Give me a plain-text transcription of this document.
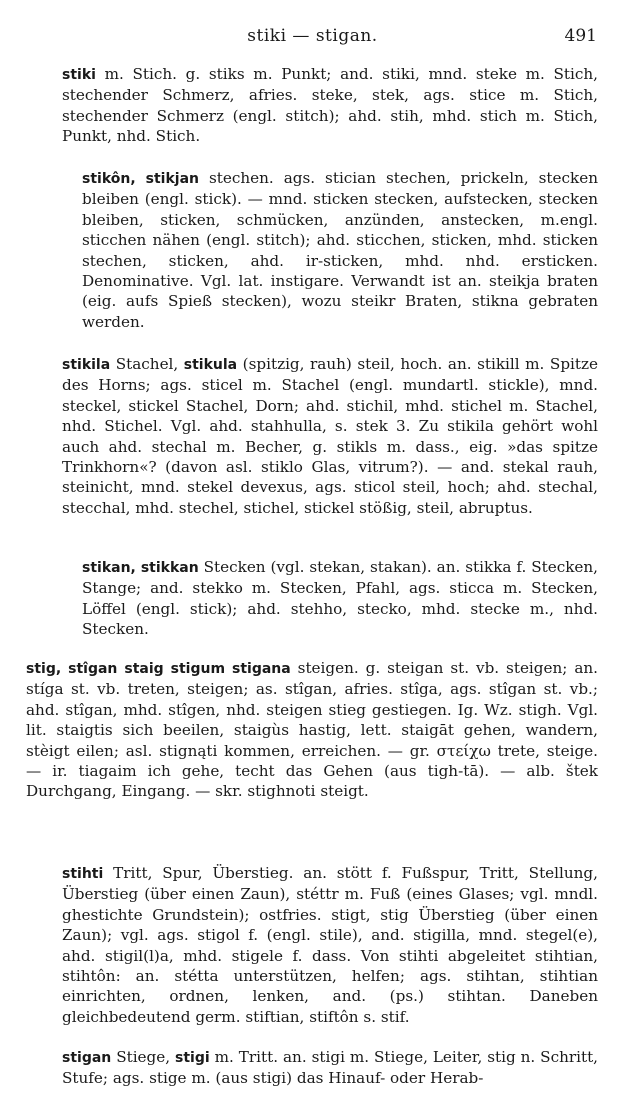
stiki — stigan.	491

stiki m. Stich. g. stiks m. Punkt; and. stiki, mnd. steke m. Stich, stechender Schmerz, afries. steke, stek, ags. stice m. Stich, stechender Schmerz (engl. stitch); ahd. stih, mhd. stich m. Stich, Punkt, nhd. Stich.

stikôn, stikjan stechen. ags. stician stechen, prickeln, stecken bleiben (engl. stick). — mnd. sticken stecken, aufstecken, stecken bleiben, sticken, schmücken, anzünden, anstecken, m.engl. sticchen nähen (engl. stitch); ahd. sticchen, sticken, mhd. sticken stechen, sticken, ahd. ir-sticken, mhd. nhd. ersticken. Denominative. Vgl. lat. instigare. Verwandt ist an. steikja braten (eig. aufs Spieß stecken), wozu steikr Braten, stikna gebraten werden.

stikila Stachel, stikula (spitzig, rauh) steil, hoch. an. stikill m. Spitze des Horns; ags. sticel m. Stachel (engl. mundartl. stickle), mnd. steckel, stickel Stachel, Dorn; ahd. stichil, mhd. stichel m. Stachel, nhd. Stichel. Vgl. ahd. stahhulla, s. stek 3. Zu stikila gehört wohl auch ahd. stechal m. Becher, g. stikls m. dass., eig. »das spitze Trinkhorn«? (davon asl. stiklo Glas, vitrum?). — and. stekal rauh, steinicht, mnd. stekel devexus, ags. sticol steil, hoch; ahd. stechal, stecchal, mhd. stechel, stichel, stickel stößig, steil, abruptus.

stikan, stikkan Stecken (vgl. stekan, stakan). an. stikka f. Stecken, Stange; and. stekko m. Stecken, Pfahl, ags. sticca m. Stecken, Löffel (engl. stick); ahd. stehho, stecko, mhd. stecke m., nhd. Stecken.

stig, stîgan staig stigum stigana steigen. g. steigan st. vb. steigen; an. stíga st. vb. treten, steigen; as. stîgan, afries. stîga, ags. stîgan st. vb.; ahd. stîgan, mhd. stîgen, nhd. steigen stieg gestiegen. Ig. Wz. stigh. Vgl. lit. staigtis sich beeilen, staigùs hastig, lett. staigāt gehen, wandern, stèigt eilen; asl. stignąti kommen, erreichen. — gr. στείχω trete, steige. — ir. tiagaim ich gehe, techt das Gehen (aus tigh-tā). — alb. štek Durchgang, Eingang. — skr. stighnoti steigt.

stihti Tritt, Spur, Überstieg. an. stött f. Fußspur, Tritt, Stellung, Überstieg (über einen Zaun), stéttr m. Fuß (eines Glases; vgl. mndl. ghestichte Grundstein); ostfries. stigt, stig Überstieg (über einen Zaun); vgl. ags. stigol f. (engl. stile), and. stigilla, mnd. stegel(e), ahd. stigil(l)a, mhd. stigele f. dass. Von stihti abgeleitet stihtian, stihtôn: an. stétta unterstützen, helfen; ags. stihtan, stihtian einrichten, ordnen, lenken, and. (ps.) stihtan. Daneben gleichbedeutend germ. stiftian, stiftôn s. stif.

stigan Stiege, stigi m. Tritt. an. stigi m. Stiege, Leiter, stig n. Schritt, Stufe; ags. stige m. (aus stigi) das Hinauf- oder Herab-
